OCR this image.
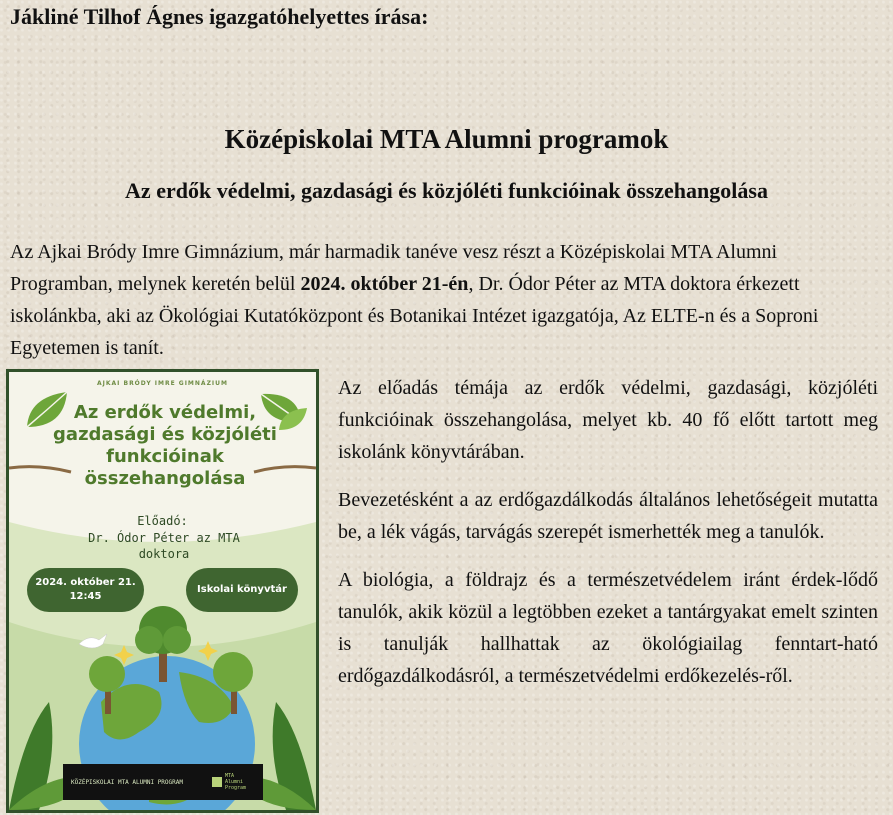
Jákliné Tilhof Ágnes igazgatóhelyettes írása:
Középiskolai MTA Alumni programok
Az erdők védelmi, gazdasági és közjóléti funkcióinak összehangolása

Az Ajkai Bródy Imre Gimnázium, már harmadik tanéve vesz részt a Középiskolai MTA Alumni Programban, melynek keretén belül 2024. október 21-én, Dr. Ódor Péter az MTA doktora érkezett iskolánkba, aki az Ökológiai Kutatóközpont és Botanikai Intézet igazgatója, Az ELTE-n és a Soproni Egyetemen is tanít.

AJKAI BRÓDY IMRE GIMNÁZIUM
Az erdők védelmi, gazdasági és közjóléti funkcióinak összehangolása
Előadó:
Dr. Ódor Péter az MTA doktora
2024. október 21. 12:45
Iskolai könyvtár
KÖZÉPISKOLAI MTA ALUMNI PROGRAM
MTA Alumni Program

Az előadás témája az erdők védelmi, gazdasági, közjóléti funkcióinak összehangolása, melyet kb. 40 fő előtt tartott meg iskolánk könyvtárában.

Bevezetésként a az erdőgazdálkodás általános lehetőségeit mutatta be, a lék vágás, tarvágás szerepét ismerhették meg a tanulók.

A biológia, a földrajz és a természetvédelem iránt érdek-lődő tanulók, akik közül a legtöbben ezeket a tantárgyakat emelt szinten is tanulják hallhattak az ökológiailag fenntart-ható erdőgazdálkodásról, a természetvédelmi erdőkezelés-ről.
